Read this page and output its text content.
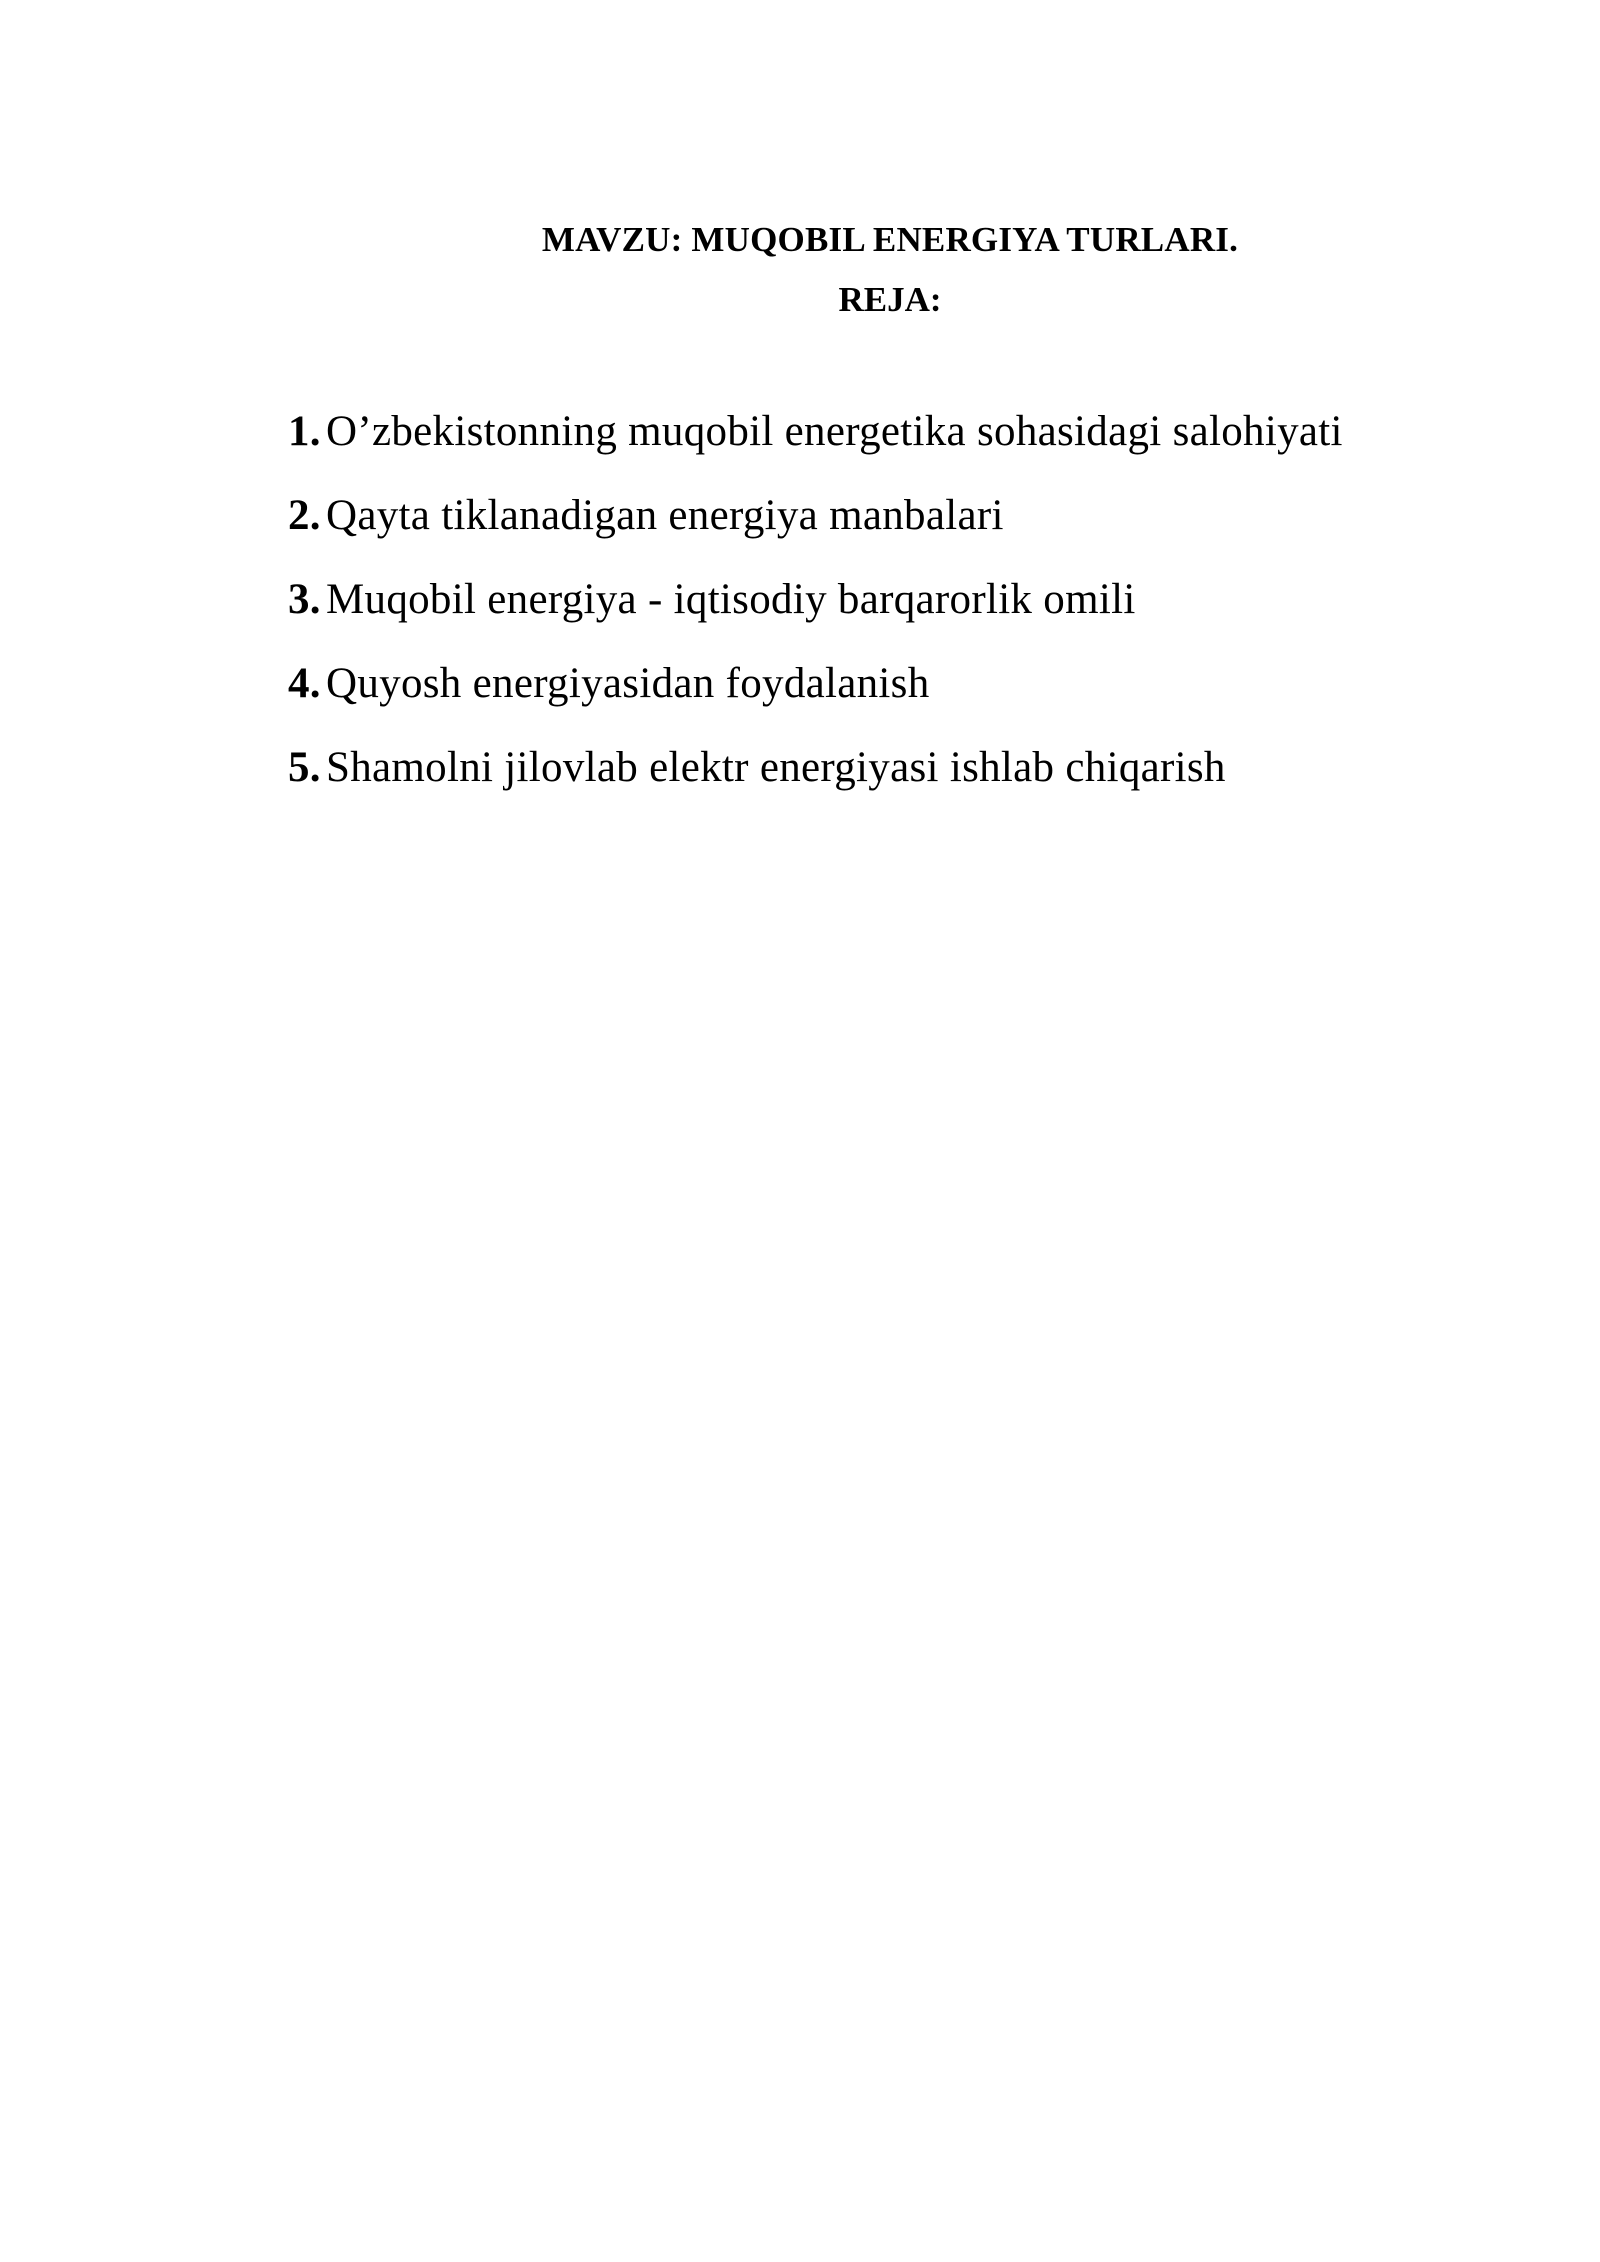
MAVZU: MUQOBIL ENERGIYA TURLARI.
REJA:
1. O’zbekistonning muqobil energetika sohasidagi salohiyati
2. Qayta tiklanadigan energiya manbalari
3. Muqobil energiya - iqtisodiy barqarorlik omili
4. Quyosh energiyasidan foydalanish
5. Shamolni jilovlab elektr energiyasi ishlab chiqarish
